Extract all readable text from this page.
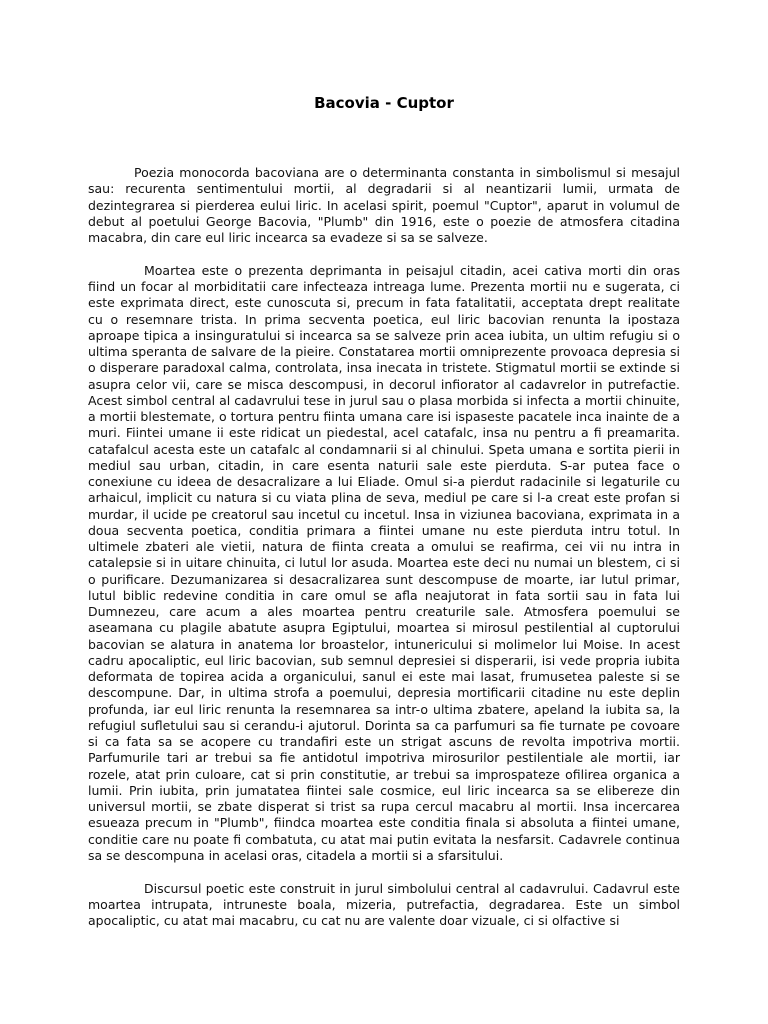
Bacovia - Cuptor

Poezia monocorda bacoviana are o determinanta constanta in simbolismul si mesajul sau: recurenta sentimentului mortii, al degradarii si al neantizarii lumii, urmata de dezintegrarea si pierderea eului liric. In acelasi spirit, poemul "Cuptor", aparut in volumul de debut al poetului George Bacovia, "Plumb" din 1916, este o poezie de atmosfera citadina macabra, din care eul liric incearca sa evadeze si sa se salveze.

Moartea este o prezenta deprimanta in peisajul citadin, acei cativa morti din oras fiind un focar al morbiditatii care infecteaza intreaga lume. Prezenta mortii nu e sugerata, ci este exprimata direct, este cunoscuta si, precum in fata fatalitatii, acceptata drept realitate cu o resemnare trista. In prima secventa poetica, eul liric bacovian renunta la ipostaza aproape tipica a insinguratului si incearca sa se salveze prin acea iubita, un ultim refugiu si o ultima speranta de salvare de la pieire. Constatarea mortii omniprezente provoaca depresia si o disperare paradoxal calma, controlata, insa inecata in tristete. Stigmatul mortii se extinde si asupra celor vii, care se misca descompusi, in decorul infiorator al cadavrelor in putrefactie. Acest simbol central al cadavrului tese in jurul sau o plasa morbida si infecta a mortii chinuite, a mortii blestemate, o tortura pentru fiinta umana care isi ispaseste pacatele inca inainte de a muri. Fiintei umane ii este ridicat un piedestal, acel catafalc, insa nu pentru a fi preamarita. catafalcul acesta este un catafalc al condamnarii si al chinului. Speta umana e sortita pierii in mediul sau urban, citadin, in care esenta naturii sale este pierduta. S-ar putea face o conexiune cu ideea de desacralizare a lui Eliade. Omul si-a pierdut radacinile si legaturile cu arhaicul, implicit cu natura si cu viata plina de seva, mediul pe care si l-a creat este profan si murdar, il ucide pe creatorul sau incetul cu incetul. Insa in viziunea bacoviana, exprimata in a doua secventa poetica, conditia primara a fiintei umane nu este pierduta intru totul. In ultimele zbateri ale vietii, natura de fiinta creata a omului se reafirma, cei vii nu intra in catalepsie si in uitare chinuita, ci lutul lor asuda. Moartea este deci nu numai un blestem, ci si o purificare. Dezumanizarea si desacralizarea sunt descompuse de moarte, iar lutul primar, lutul biblic redevine conditia in care omul se afla neajutorat in fata sortii sau in fata lui Dumnezeu, care acum a ales moartea pentru creaturile sale. Atmosfera poemului se aseamana cu plagile abatute asupra Egiptului, moartea si mirosul pestilential al cuptorului bacovian se alatura in anatema lor broastelor, intunericului si molimelor lui Moise. In acest cadru apocaliptic, eul liric bacovian, sub semnul depresiei si disperarii, isi vede propria iubita deformata de topirea acida a organicului, sanul ei este mai lasat, frumusetea paleste si se descompune. Dar, in ultima strofa a poemului, depresia mortificarii citadine nu este deplin profunda, iar eul liric renunta la resemnarea sa intr-o ultima zbatere, apeland la iubita sa, la refugiul sufletului sau si cerandu-i ajutorul. Dorinta sa ca parfumuri sa fie turnate pe covoare si ca fata sa se acopere cu trandafiri este un strigat ascuns de revolta impotriva mortii. Parfumurile tari ar trebui sa fie antidotul impotriva mirosurilor pestilentiale ale mortii, iar rozele, atat prin culoare, cat si prin constitutie, ar trebui sa improspateze ofilirea organica a lumii. Prin iubita, prin jumatatea fiintei sale cosmice, eul liric incearca sa se elibereze din universul mortii, se zbate disperat si trist sa rupa cercul macabru al mortii. Insa incercarea esueaza precum in "Plumb", fiindca moartea este conditia finala si absoluta a fiintei umane, conditie care nu poate fi combatuta, cu atat mai putin evitata la nesfarsit. Cadavrele continua sa se descompuna in acelasi oras, citadela a mortii si a sfarsitului.

Discursul poetic este construit in jurul simbolului central al cadavrului. Cadavrul este moartea intrupata, intruneste boala, mizeria, putrefactia, degradarea. Este un simbol apocaliptic, cu atat mai macabru, cu cat nu are valente doar vizuale, ci si olfactive si
